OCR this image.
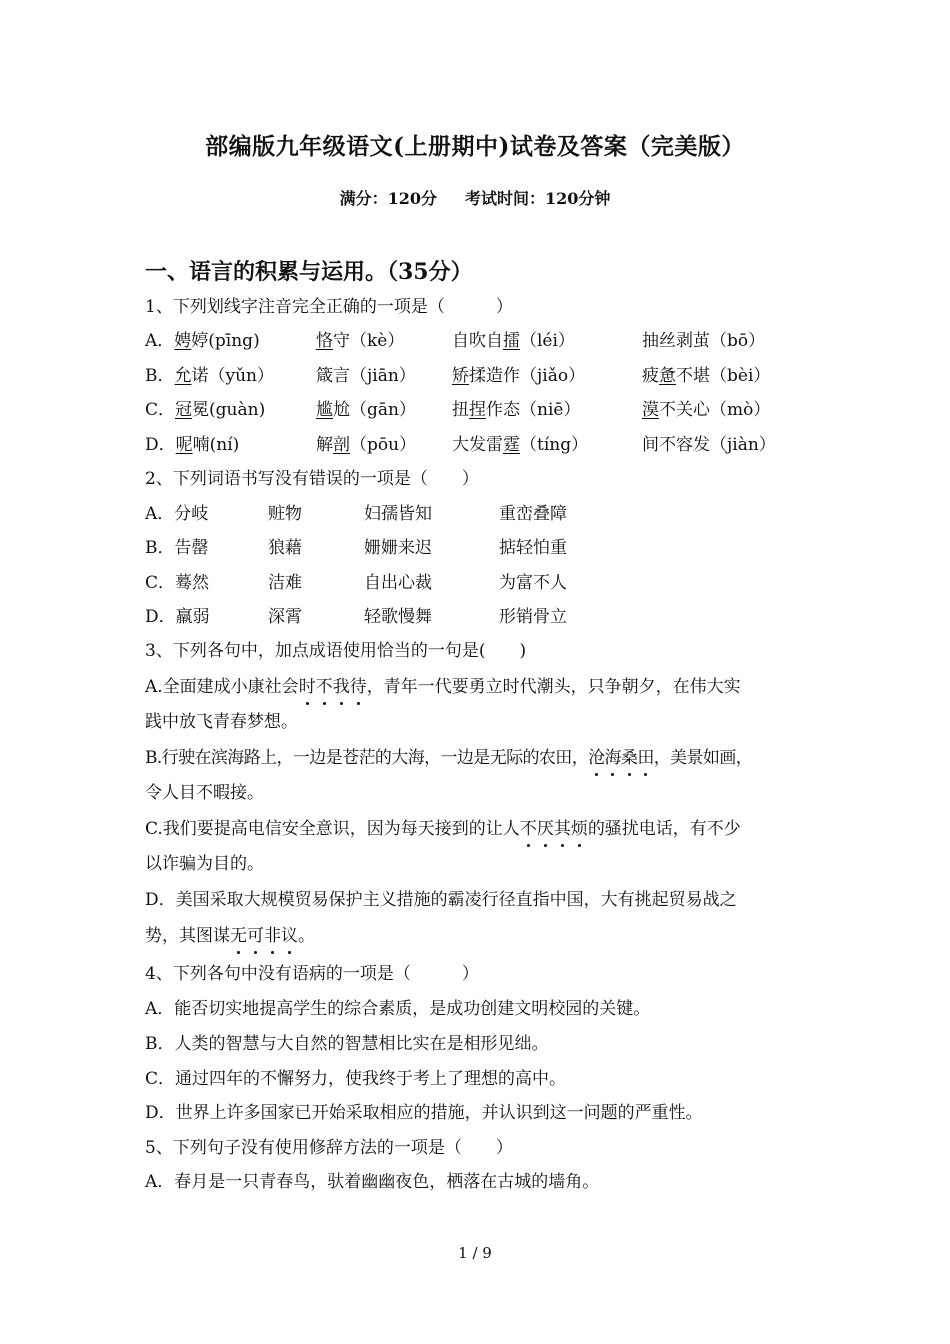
部编版九年级语文(上册期中)试卷及答案（完美版）
满分：120分 考试时间：120分钟
一、语言的积累与运用。（35分）
1、下列划线字注音完全正确的一项是（　　　）
A．娉婷(pīng)	恪守（kè）	自吹自擂（léi）	抽丝剥茧（bō）
B．允诺（yǔn） 箴言（jiān） 矫揉造作（jiǎo）	疲惫不堪（bèi）
C．冠冕(guàn)	尴尬（gān） 扭捏作态（niē）	漠不关心（mò）
D．呢喃(ní)	解剖（pōu） 大发雷霆（tíng）	间不容发（jiàn）
2、下列词语书写没有错误的一项是（　　）
A．分岐	赃物	妇孺皆知	重峦叠障
B．告罄	狼藉	姗姗来迟	掂轻怕重
C．蓦然	洁难	自出心裁	为富不人
D．羸弱	深霄	轻歌慢舞	形销骨立
3、下列各句中，加点成语使用恰当的一句是(　　)
A.全面建成小康社会时不我待，青年一代要勇立时代潮头，只争朝夕，在伟大实
践中放飞青春梦想。
B.行驶在滨海路上，一边是苍茫的大海，一边是无际的农田，沧海桑田，美景如画，
令人目不暇接。
C.我们要提高电信安全意识，因为每天接到的让人不厌其烦的骚扰电话，有不少
以诈骗为目的。
D．美国采取大规模贸易保护主义措施的霸凌行径直指中国，大有挑起贸易战之
势，其图谋无可非议。
4、下列各句中没有语病的一项是（　　　）
A．能否切实地提高学生的综合素质，是成功创建文明校园的关键。
B．人类的智慧与大自然的智慧相比实在是相形见绌。
C．通过四年的不懈努力，使我终于考上了理想的高中。
D．世界上许多国家已开始采取相应的措施，并认识到这一问题的严重性。
5、下列句子没有使用修辞方法的一项是（　　）
A．春月是一只青春鸟，驮着幽幽夜色，栖落在古城的墙角。
1 / 9
